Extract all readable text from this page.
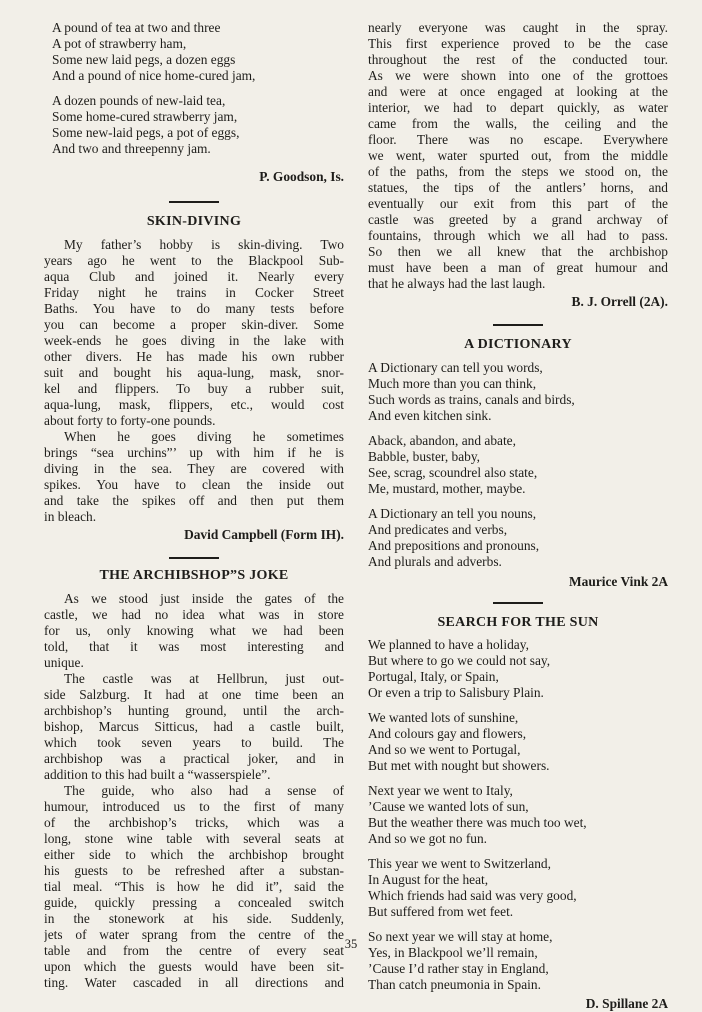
A pound of tea at two and three
A pot of strawberry ham,
Some new laid pegs, a dozen eggs
And a pound of nice home-cured jam,
A dozen pounds of new-laid tea,
Some home-cured strawberry jam,
Some new-laid pegs, a pot of eggs,
And two and threepenny jam.
P. Goodson, Is.
SKIN-DIVING
My father’s hobby is skin-diving. Two
years ago he went to the Blackpool Sub-
aqua Club and joined it. Nearly every
Friday night he trains in Cocker Street
Baths. You have to do many tests before
you can become a proper skin-diver. Some
week-ends he goes diving in the lake with
other divers. He has made his own rubber
suit and bought his aqua-lung, mask, snor-
kel and flippers. To buy a rubber suit,
aqua-lung, mask, flippers, etc., would cost
about forty to forty-one pounds.
When he goes diving he sometimes
brings “sea urchins”’ up with him if he is
diving in the sea. They are covered with
spikes. You have to clean the inside out
and take the spikes off and then put them
in bleach.
David Campbell (Form IH).
THE ARCHIBSHOP”S JOKE
As we stood just inside the gates of the
castle, we had no idea what was in store
for us, only knowing what we had been
told, that it was most interesting and
unique.
The castle was at Hellbrun, just out-
side Salzburg. It had at one time been an
archbishop’s hunting ground, until the arch-
bishop, Marcus Sitticus, had a castle built,
which took seven years to build. The
archbishop was a practical joker, and in
addition to this had built a “wasserspiele”.
The guide, who also had a sense of
humour, introduced us to the first of many
of the archbishop’s tricks, which was a
long, stone wine table with several seats at
either side to which the archbishop brought
his guests to be refreshed after a substan-
tial meal. “This is how he did it”, said the
guide, quickly pressing a concealed switch
in the stonework at his side. Suddenly,
jets of water sprang from the centre of the
table and from the centre of every seat
upon which the guests would have been sit-
ting. Water cascaded in all directions and
nearly everyone was caught in the spray.
This first experience proved to be the case
throughout the rest of the conducted tour.
As we were shown into one of the grottoes
and were at once engaged at looking at the
interior, we had to depart quickly, as water
came from the walls, the ceiling and the
floor. There was no escape. Everywhere
we went, water spurted out, from the middle
of the paths, from the steps we stood on, the
statues, the tips of the antlers’ horns, and
eventually our exit from this part of the
castle was greeted by a grand archway of
fountains, through which we all had to pass.
So then we all knew that the archbishop
must have been a man of great humour and
that he always had the last laugh.
B. J. Orrell (2A).
A DICTIONARY
A Dictionary can tell you words,
Much more than you can think,
Such words as trains, canals and birds,
And even kitchen sink.
Aback, abandon, and abate,
Babble, buster, baby,
See, scrag, scoundrel also state,
Me, mustard, mother, maybe.
A Dictionary an tell you nouns,
And predicates and verbs,
And prepositions and pronouns,
And plurals and adverbs.
Maurice Vink 2A
SEARCH FOR THE SUN
We planned to have a holiday,
But where to go we could not say,
Portugal, Italy, or Spain,
Or even a trip to Salisbury Plain.
We wanted lots of sunshine,
And colours gay and flowers,
And so we went to Portugal,
But met with nought but showers.
Next year we went to Italy,
’Cause we wanted lots of sun,
But the weather there was much too wet,
And so we got no fun.
This year we went to Switzerland,
In August for the heat,
Which friends had said was very good,
But suffered from wet feet.
So next year we will stay at home,
Yes, in Blackpool we’ll remain,
’Cause I’d rather stay in England,
Than catch pneumonia in Spain.
D. Spillane 2A
35
